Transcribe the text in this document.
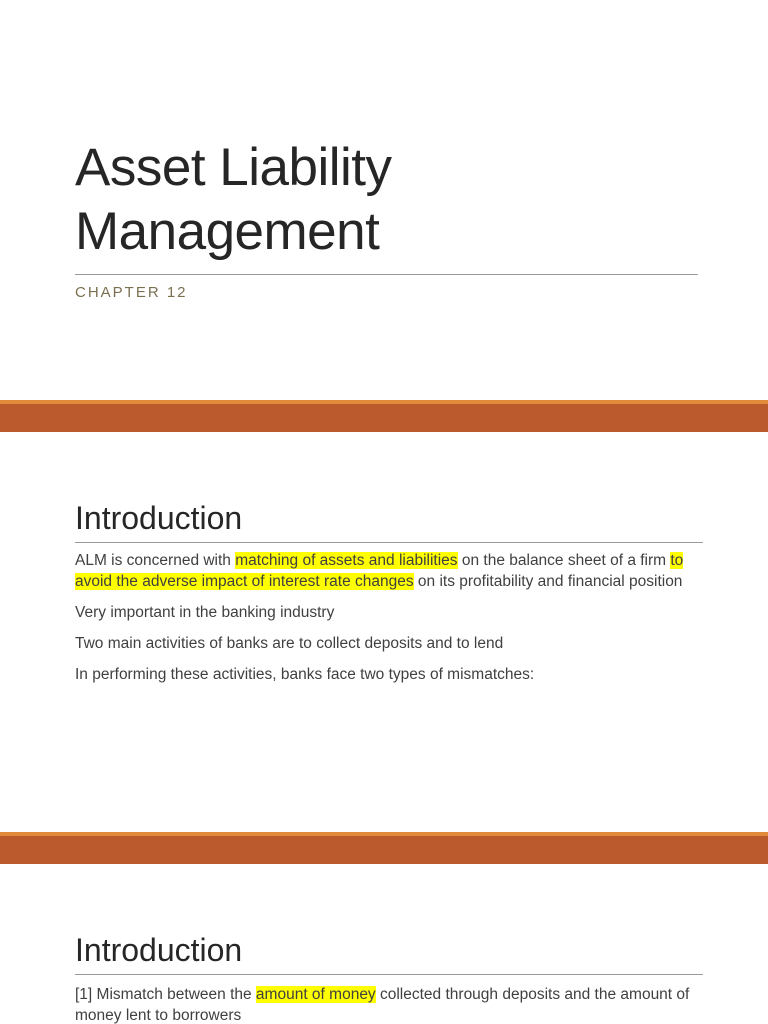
Asset Liability
Management

CHAPTER 12

Introduction

ALM is concerned with matching of assets and liabilities on the balance sheet of a firm to avoid the adverse impact of interest rate changes on its profitability and financial position

Very important in the banking industry

Two main activities of banks are to collect deposits and to lend

In performing these activities, banks face two types of mismatches:

Introduction

[1] Mismatch between the amount of money collected through deposits and the amount of money lent to borrowers
